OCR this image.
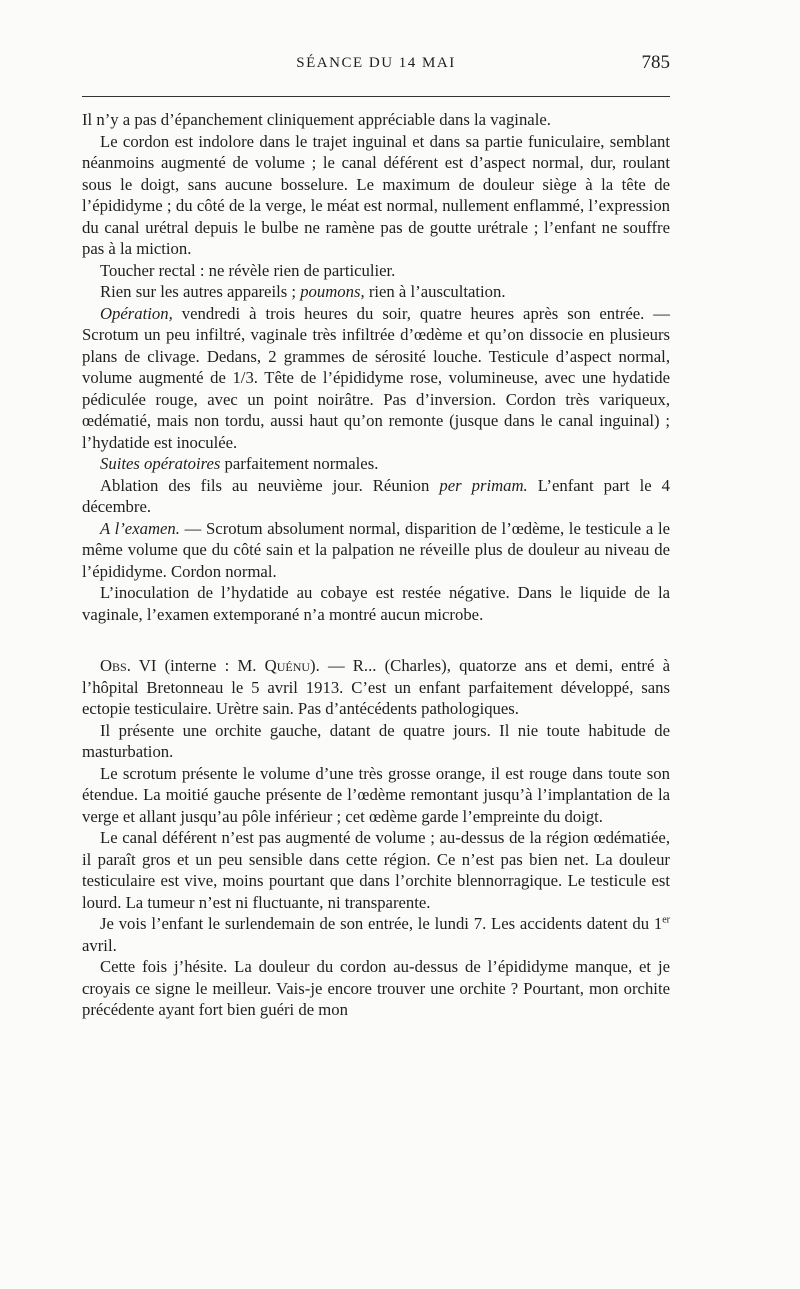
SÉANCE DU 14 MAI	785

Il n’y a pas d’épanchement cliniquement appréciable dans la vaginale.

Le cordon est indolore dans le trajet inguinal et dans sa partie funiculaire, semblant néanmoins augmenté de volume ; le canal déférent est d’aspect normal, dur, roulant sous le doigt, sans aucune bosselure. Le maximum de douleur siège à la tête de l’épididyme ; du côté de la verge, le méat est normal, nullement enflammé, l’expression du canal urétral depuis le bulbe ne ramène pas de goutte urétrale ; l’enfant ne souffre pas à la miction.

Toucher rectal : ne révèle rien de particulier.

Rien sur les autres appareils ; poumons, rien à l’auscultation.

Opération, vendredi à trois heures du soir, quatre heures après son entrée. — Scrotum un peu infiltré, vaginale très infiltrée d’œdème et qu’on dissocie en plusieurs plans de clivage. Dedans, 2 grammes de sérosité louche. Testicule d’aspect normal, volume augmenté de 1/3. Tête de l’épididyme rose, volumineuse, avec une hydatide pédiculée rouge, avec un point noirâtre. Pas d’inversion. Cordon très variqueux, œdématié, mais non tordu, aussi haut qu’on remonte (jusque dans le canal inguinal) ; l’hydatide est inoculée.

Suites opératoires parfaitement normales.

Ablation des fils au neuvième jour. Réunion per primam. L’enfant part le 4 décembre.

A l’examen. — Scrotum absolument normal, disparition de l’œdème, le testicule a le même volume que du côté sain et la palpation ne réveille plus de douleur au niveau de l’épididyme. Cordon normal.

L’inoculation de l’hydatide au cobaye est restée négative. Dans le liquide de la vaginale, l’examen extemporané n’a montré aucun microbe.

Obs. VI (interne : M. Quénu). — R... (Charles), quatorze ans et demi, entré à l’hôpital Bretonneau le 5 avril 1913. C’est un enfant parfaitement développé, sans ectopie testiculaire. Urètre sain. Pas d’antécédents pathologiques.

Il présente une orchite gauche, datant de quatre jours. Il nie toute habitude de masturbation.

Le scrotum présente le volume d’une très grosse orange, il est rouge dans toute son étendue. La moitié gauche présente de l’œdème remontant jusqu’à l’implantation de la verge et allant jusqu’au pôle inférieur ; cet œdème garde l’empreinte du doigt.

Le canal déférent n’est pas augmenté de volume ; au-dessus de la région œdématiée, il paraît gros et un peu sensible dans cette région. Ce n’est pas bien net. La douleur testiculaire est vive, moins pourtant que dans l’orchite blennorragique. Le testicule est lourd. La tumeur n’est ni fluctuante, ni transparente.

Je vois l’enfant le surlendemain de son entrée, le lundi 7. Les accidents datent du 1er avril.

Cette fois j’hésite. La douleur du cordon au-dessus de l’épididyme manque, et je croyais ce signe le meilleur. Vais-je encore trouver une orchite ? Pourtant, mon orchite précédente ayant fort bien guéri de mon
